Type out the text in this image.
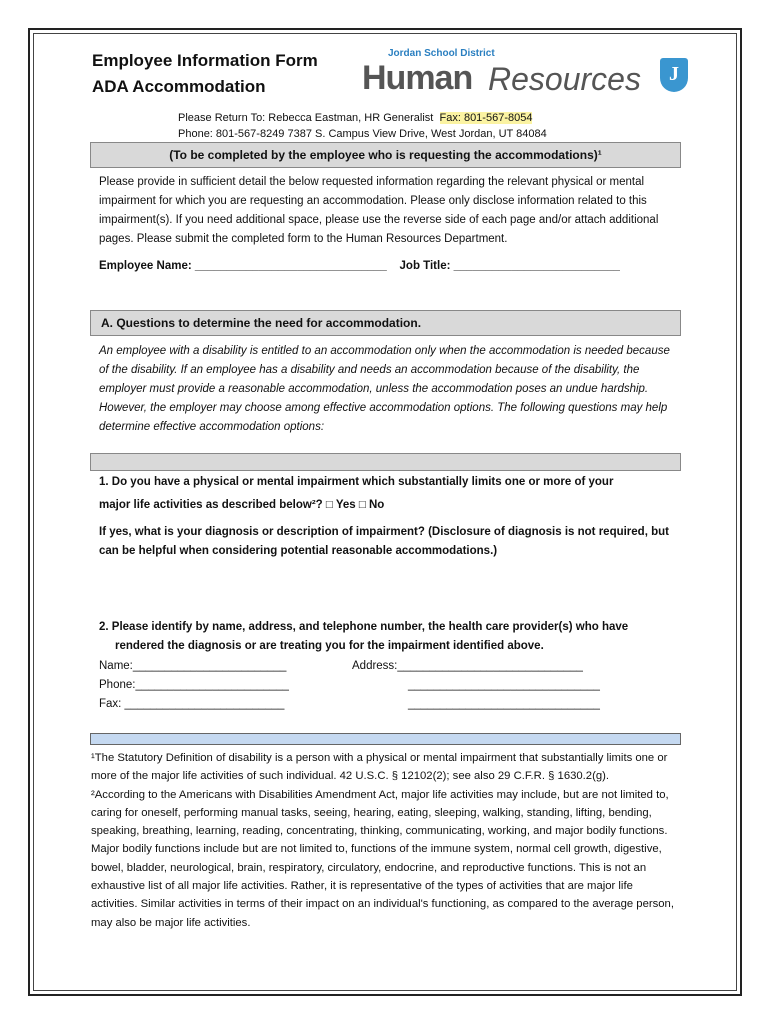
Employee Information Form
ADA Accommodation
Jordan School District
Human Resources	J
Please Return To: Rebecca Eastman, HR Generalist Fax: 801-567-8054
Phone: 801-567-8249 7387 S. Campus View Drive, West Jordan, UT 84084
(To be completed by the employee who is requesting the accommodations)¹
Please provide in sufficient detail the below requested information regarding the relevant physical or mental impairment for which you are requesting an accommodation. Please only disclose information related to this impairment(s). If you need additional space, please use the reverse side of each page and/or attach additional pages. Please submit the completed form to the Human Resources Department.
Employee Name: ______________________________ Job Title: __________________________
A. Questions to determine the need for accommodation.
An employee with a disability is entitled to an accommodation only when the accommodation is needed because of the disability. If an employee has a disability and needs an accommodation because of the disability, the employer must provide a reasonable accommodation, unless the accommodation poses an undue hardship. However, the employer may choose among effective accommodation options. The following questions may help determine effective accommodation options:
1. Do you have a physical or mental impairment which substantially limits one or more of your
major life activities as described below²? □ Yes □ No
If yes, what is your diagnosis or description of impairment? (Disclosure of diagnosis is not required, but can be helpful when considering potential reasonable accommodations.)
2. Please identify by name, address, and telephone number, the health care provider(s) who have rendered the diagnosis or are treating you for the impairment identified above.
Name:________________________	Address:_____________________________
Phone:________________________	______________________________
Fax: _________________________	______________________________
¹The Statutory Definition of disability is a person with a physical or mental impairment that substantially limits one or more of the major life activities of such individual. 42 U.S.C. § 12102(2); see also 29 C.F.R. § 1630.2(g).
²According to the Americans with Disabilities Amendment Act, major life activities may include, but are not limited to, caring for oneself, performing manual tasks, seeing, hearing, eating, sleeping, walking, standing, lifting, bending, speaking, breathing, learning, reading, concentrating, thinking, communicating, working, and major bodily functions. Major bodily functions include but are not limited to, functions of the immune system, normal cell growth, digestive, bowel, bladder, neurological, brain, respiratory, circulatory, endocrine, and reproductive functions. This is not an exhaustive list of all major life activities. Rather, it is representative of the types of activities that are major life activities. Similar activities in terms of their impact on an individual's functioning, as compared to the average person, may also be major life activities.
